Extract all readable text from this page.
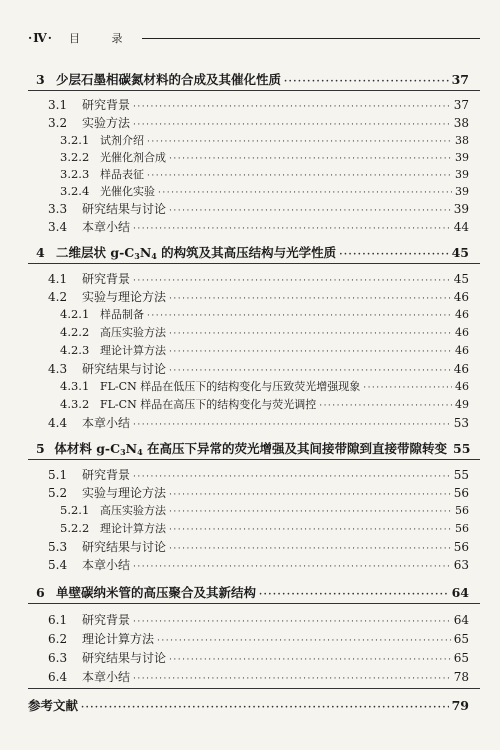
·Ⅳ· 目 录
3 少层石墨相碳氮材料的合成及其催化性质 ·····	37
3.1	研究背景 ·····	37
3.2	实验方法 ·····	38
3.2.1 试剂介绍 ·····	38
3.2.2 光催化剂合成 ·····	39
3.2.3 样品表征 ·····	39
3.2.4 光催化实验 ·····	39
3.3	研究结果与讨论 ·····	39
3.4	本章小结 ·····	44
4 二维层状 $g-C_3N_4$ 的构筑及其高压结构与光学性质 ·····	45
4.1	研究背景 ·····	45
4.2	实验与理论方法 ·····	46
4.2.1 样品制备 ·····	46
4.2.2 高压实验方法 ·····	46
4.2.3 理论计算方法 ·····	46
4.3	研究结果与讨论 ·····	46
4.3.1 FL-CN 样品在低压下的结构变化与压致荧光增强现象 ·····	46
4.3.2 FL-CN 样品在高压下的结构变化与荧光调控 ·····	49
4.4	本章小结 ·····	53
5 体材料 $g-C_3N_4$ 在高压下异常的荧光增强及其间接带隙到直接带隙转变 55
5.1	研究背景 ·····	55
5.2	实验与理论方法 ·····	56
5.2.1 高压实验方法 ·····	56
5.2.2 理论计算方法 ·····	56
5.3	研究结果与讨论 ·····	56
5.4	本章小结 ·····	63
6 单壁碳纳米管的高压聚合及其新结构 ·····	64
6.1	研究背景 ·····	64
6.2	理论计算方法 ·····	65
6.3	研究结果与讨论 ·····	65
6.4	本章小结 ·····	78
参考文献 ·····	79
